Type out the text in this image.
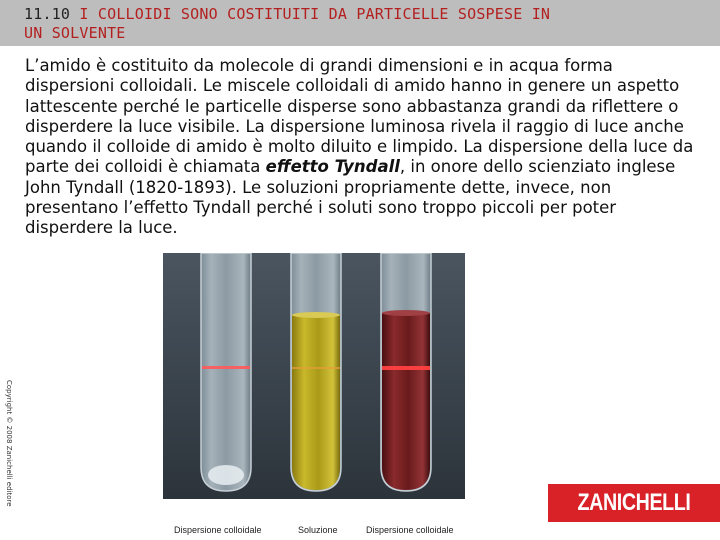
11.10 I COLLOIDI SONO COSTITUITI DA PARTICELLE SOSPESE IN
UN SOLVENTE

L’amido è costituito da molecole di grandi dimensioni e in acqua forma dispersioni colloidali. Le miscele colloidali di amido hanno in genere un aspetto lattescente perché le particelle disperse sono abbastanza grandi da riflettere o disperdere la luce visibile. La dispersione luminosa rivela il raggio di luce anche quando il colloide di amido è molto diluito e limpido. La dispersione della luce da parte dei colloidi è chiamata effetto Tyndall, in onore dello scienziato inglese John Tyndall (1820-1893). Le soluzioni propriamente dette, invece, non presentano l’effetto Tyndall perché i soluti sono troppo piccoli per poter disperdere la luce.

Copyright © 2008 Zanichelli editore
Dispersione colloidale	Soluzione	Dispersione colloidale
ZANICHELLI
